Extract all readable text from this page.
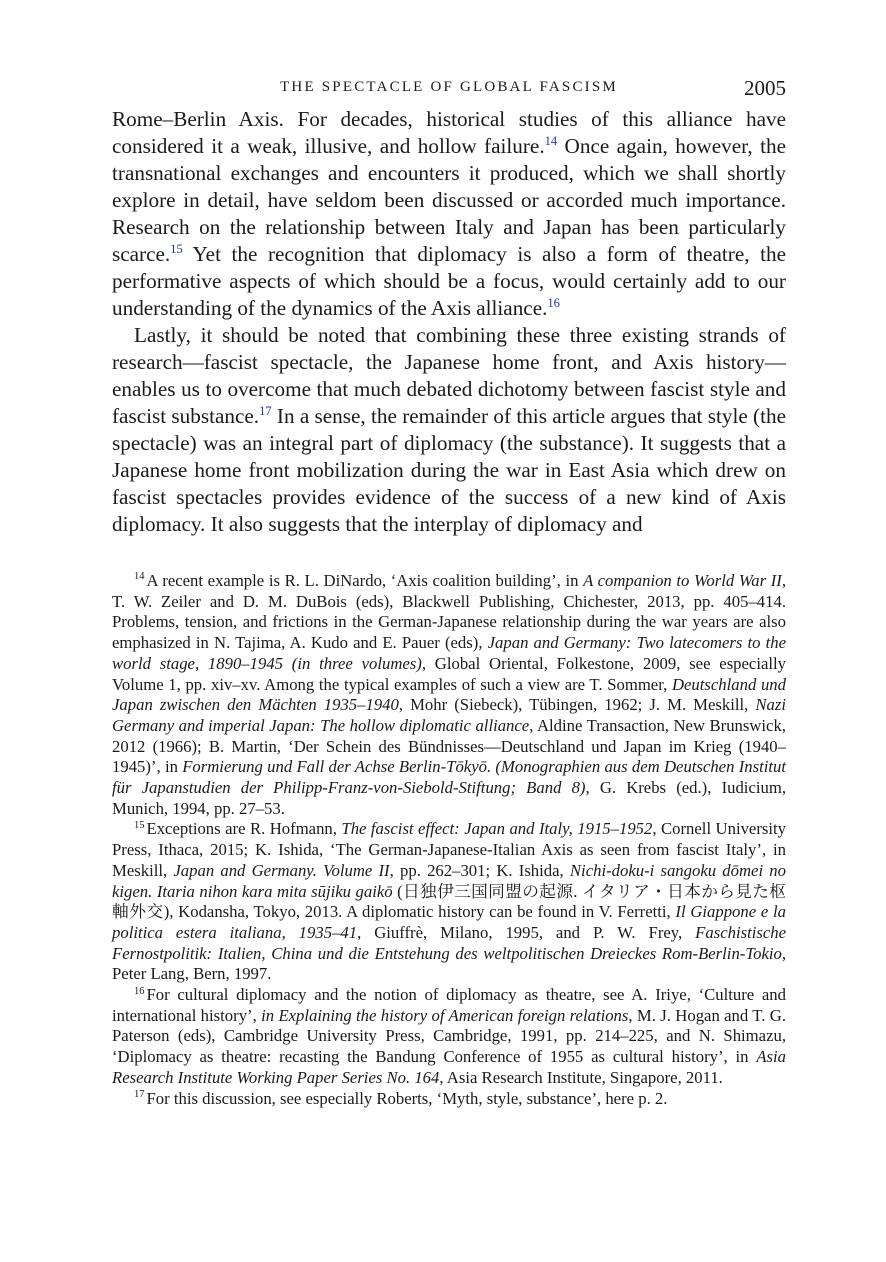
THE SPECTACLE OF GLOBAL FASCISM	2005

Rome–Berlin Axis. For decades, historical studies of this alliance have considered it a weak, illusive, and hollow failure.$^{14}$ Once again, however, the transnational exchanges and encounters it produced, which we shall shortly explore in detail, have seldom been discussed or accorded much importance. Research on the relationship between Italy and Japan has been particularly scarce.$^{15}$ Yet the recognition that diplomacy is also a form of theatre, the performative aspects of which should be a focus, would certainly add to our understanding of the dynamics of the Axis alliance.$^{16}$

Lastly, it should be noted that combining these three existing strands of research—fascist spectacle, the Japanese home front, and Axis history—enables us to overcome that much debated dichotomy between fascist style and fascist substance.$^{17}$ In a sense, the remainder of this article argues that style (the spectacle) was an integral part of diplomacy (the substance). It suggests that a Japanese home front mobilization during the war in East Asia which drew on fascist spectacles provides evidence of the success of a new kind of Axis diplomacy. It also suggests that the interplay of diplomacy and

$^{14}$ A recent example is R. L. DiNardo, ‘Axis coalition building’, in A companion to World War II, T. W. Zeiler and D. M. DuBois (eds), Blackwell Publishing, Chichester, 2013, pp. 405–414. Problems, tension, and frictions in the German-Japanese relationship during the war years are also emphasized in N. Tajima, A. Kudo and E. Pauer (eds), Japan and Germany: Two latecomers to the world stage, 1890–1945 (in three volumes), Global Oriental, Folkestone, 2009, see especially Volume 1, pp. xiv–xv. Among the typical examples of such a view are T. Sommer, Deutschland und Japan zwischen den Mächten 1935–1940, Mohr (Siebeck), Tübingen, 1962; J. M. Meskill, Nazi Germany and imperial Japan: The hollow diplomatic alliance, Aldine Transaction, New Brunswick, 2012 (1966); B. Martin, ‘Der Schein des Bündnisses—Deutschland und Japan im Krieg (1940–1945)’, in Formierung und Fall der Achse Berlin-Tōkyō. (Monographien aus dem Deutschen Institut für Japanstudien der Philipp-Franz-von-Siebold-Stiftung; Band 8), G. Krebs (ed.), Iudicium, Munich, 1994, pp. 27–53.

$^{15}$ Exceptions are R. Hofmann, The fascist effect: Japan and Italy, 1915–1952, Cornell University Press, Ithaca, 2015; K. Ishida, ‘The German-Japanese-Italian Axis as seen from fascist Italy’, in Meskill, Japan and Germany. Volume II, pp. 262–301; K. Ishida, Nichi-doku-i sangoku dōmei no kigen. Itaria nihon kara mita sūjiku gaikō (日独伊三国同盟の起源. イタリア・日本から見た枢軸外交), Kodansha, Tokyo, 2013. A diplomatic history can be found in V. Ferretti, Il Giappone e la politica estera italiana, 1935–41, Giuffrè, Milano, 1995, and P. W. Frey, Faschistische Fernostpolitik: Italien, China und die Entstehung des weltpolitischen Dreieckes Rom-Berlin-Tokio, Peter Lang, Bern, 1997.

$^{16}$ For cultural diplomacy and the notion of diplomacy as theatre, see A. Iriye, ‘Culture and international history’, in Explaining the history of American foreign relations, M. J. Hogan and T. G. Paterson (eds), Cambridge University Press, Cambridge, 1991, pp. 214–225, and N. Shimazu, ‘Diplomacy as theatre: recasting the Bandung Conference of 1955 as cultural history’, in Asia Research Institute Working Paper Series No. 164, Asia Research Institute, Singapore, 2011.

$^{17}$ For this discussion, see especially Roberts, ‘Myth, style, substance’, here p. 2.
